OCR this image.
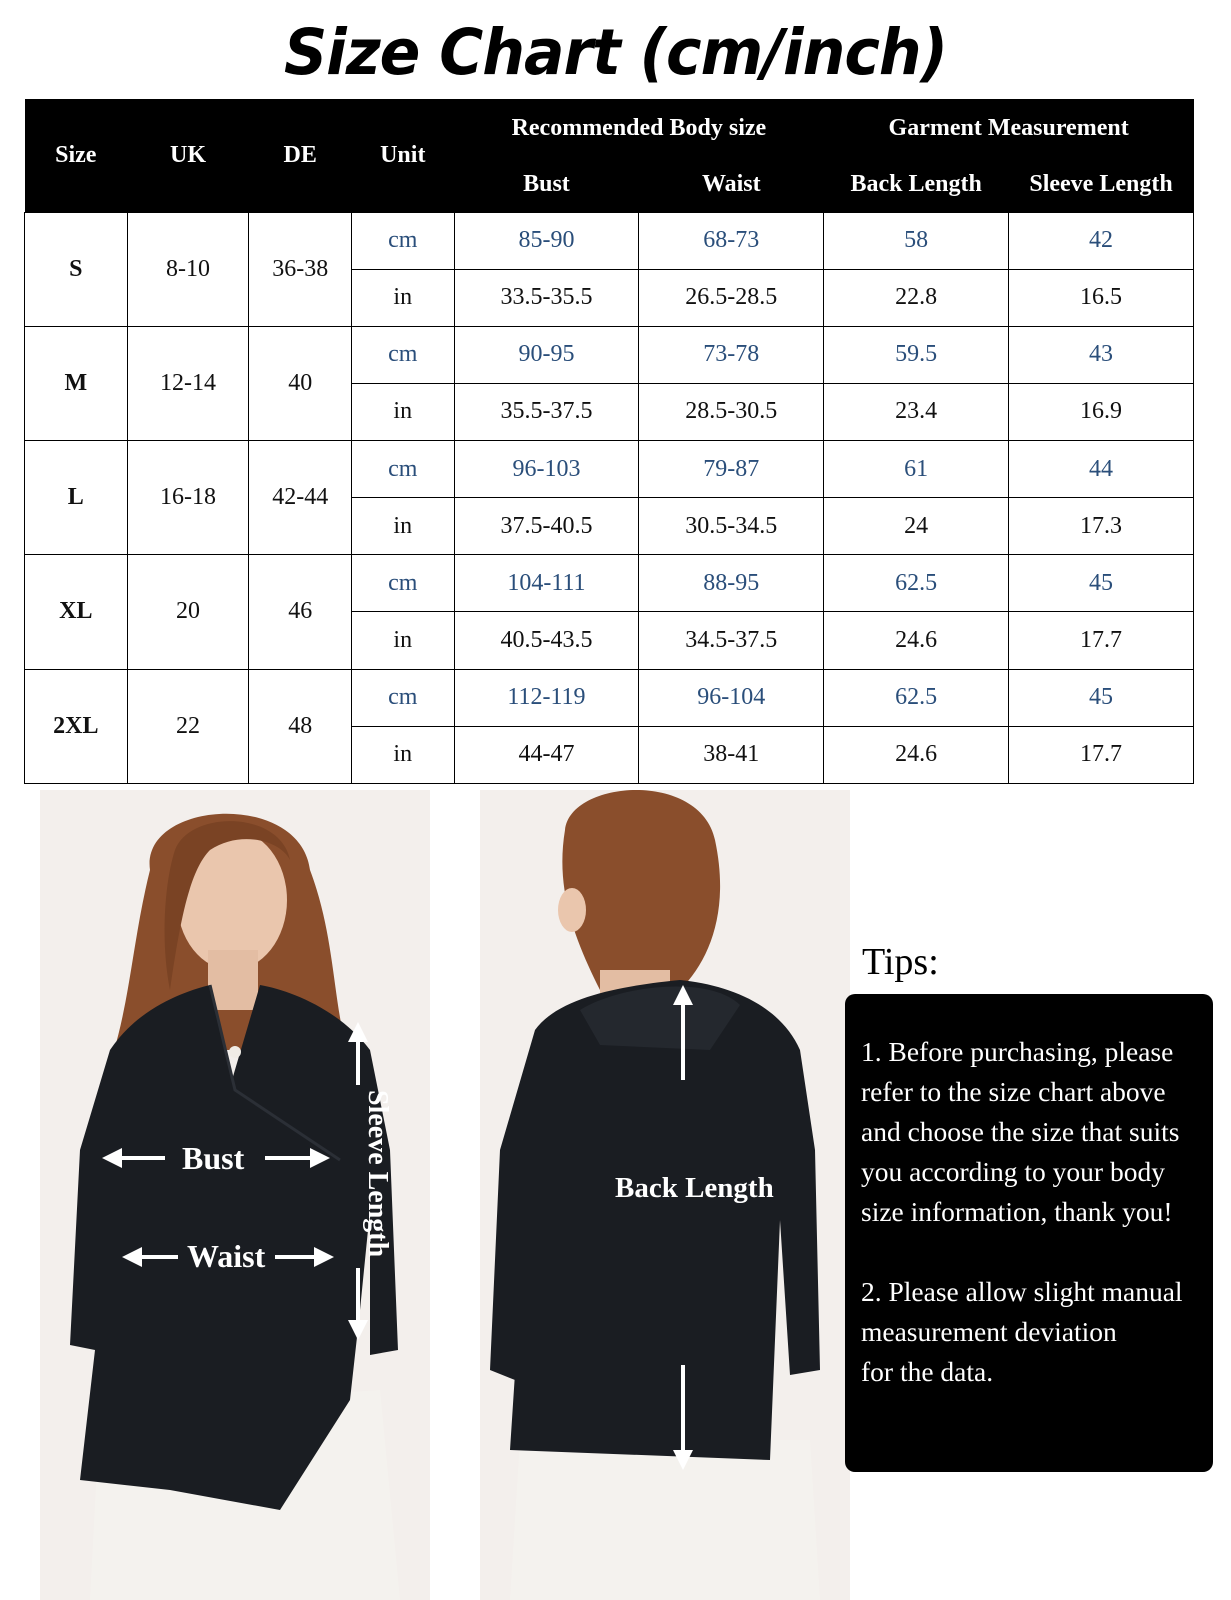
Size Chart (cm/inch)
Size	UK	DE	Unit	Recommended Body size		Garment Measurement	
				Bust	Waist	Back Length	Sleeve Length
S	8-10	36-38	cm	85-90	68-73	58	42
			in	33.5-35.5	26.5-28.5	22.8	16.5
M	12-14	40	cm	90-95	73-78	59.5	43
			in	35.5-37.5	28.5-30.5	23.4	16.9
L	16-18	42-44	cm	96-103	79-87	61	44
			in	37.5-40.5	30.5-34.5	24	17.3
XL	20	46	cm	104-111	88-95	62.5	45
			in	40.5-43.5	34.5-37.5	24.6	17.7
2XL	22	48	cm	112-119	96-104	62.5	45
			in	44-47	38-41	24.6	17.7
Bust
Waist	Sleeve Length	Back Length
Tips:

1. Before purchasing, please refer to the size chart above and choose the size that suits you according to your body size information, thank you!

2. Please allow slight manual
measurement deviation
for the data.
